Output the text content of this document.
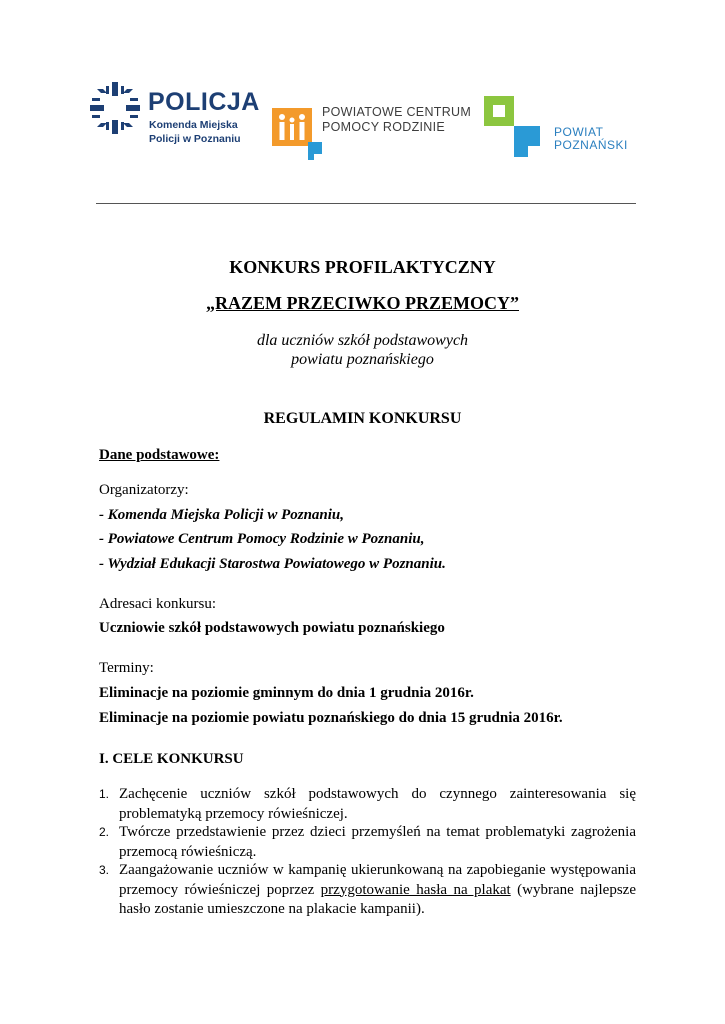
POLICJA
Komenda Miejska
Policji w Poznaniu
POWIATOWE CENTRUM
POMOCY RODZINIE	POWIAT
POZNAŃSKI
KONKURS PROFILAKTYCZNY
„RAZEM PRZECIWKO PRZEMOCY”
dla uczniów szkół podstawowych
powiatu poznańskiego
REGULAMIN KONKURSU
Dane podstawowe:
Organizatorzy:
- Komenda Miejska Policji w Poznaniu,
- Powiatowe Centrum Pomocy Rodzinie w Poznaniu,
- Wydział Edukacji Starostwa Powiatowego w Poznaniu.
Adresaci konkursu:
Uczniowie szkół podstawowych powiatu poznańskiego
Terminy:
Eliminacje na poziomie gminnym do dnia 1 grudnia 2016r.
Eliminacje na poziomie powiatu poznańskiego do dnia 15 grudnia 2016r.
I. CELE KONKURSU
1. Zachęcenie uczniów szkół podstawowych do czynnego zainteresowania się problematyką przemocy rówieśniczej.
2. Twórcze przedstawienie przez dzieci przemyśleń na temat problematyki zagrożenia przemocą rówieśniczą.
3. Zaangażowanie uczniów w kampanię ukierunkowaną na zapobieganie występowania przemocy rówieśniczej poprzez przygotowanie hasła na plakat (wybrane najlepsze hasło zostanie umieszczone na plakacie kampanii).
